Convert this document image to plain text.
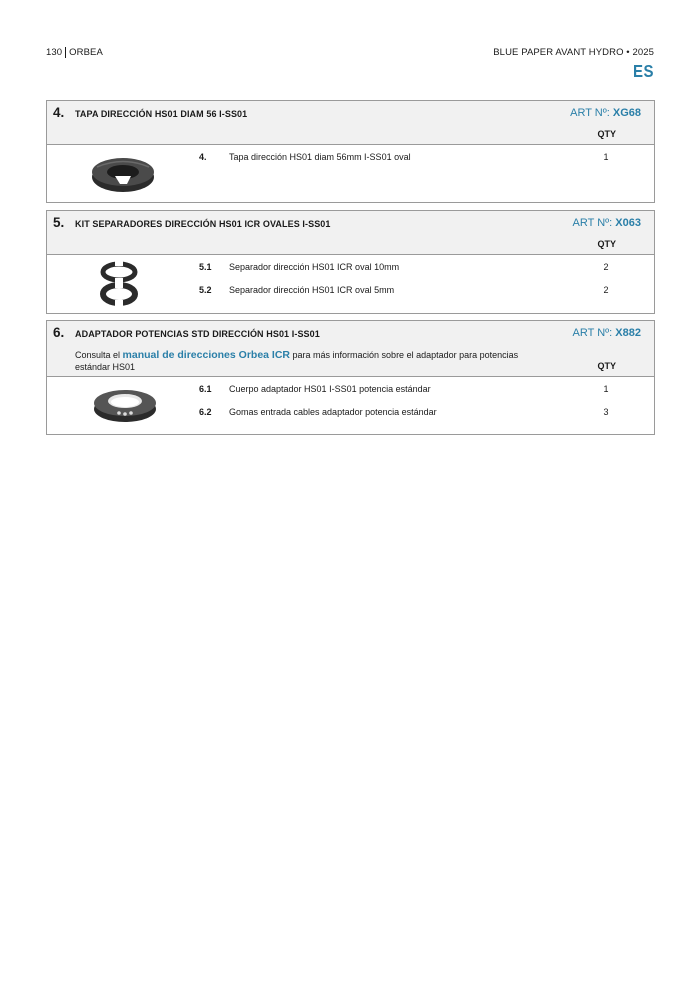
130 ORBEA	BLUE PAPER AVANT HYDRO • 2025
ES
4. TAPA DIRECCIÓN HS01 DIAM 56 I-SS01	ART Nº: XG68
QTY
4. Tapa dirección HS01 diam 56mm I-SS01 oval	1
5. KIT SEPARADORES DIRECCIÓN HS01 ICR OVALES I-SS01	ART Nº: X063
QTY
5.1 Separador dirección HS01 ICR oval 10mm	2
5.2 Separador dirección HS01 ICR oval 5mm	2
6. ADAPTADOR POTENCIAS STD DIRECCIÓN HS01 I-SS01	ART Nº: X882
Consulta el manual de direcciones Orbea ICR para más información sobre el adaptador para potencias estándar HS01	QTY
6.1 Cuerpo adaptador HS01 I-SS01 potencia estándar	1
6.2 Gomas entrada cables adaptador potencia estándar	3
